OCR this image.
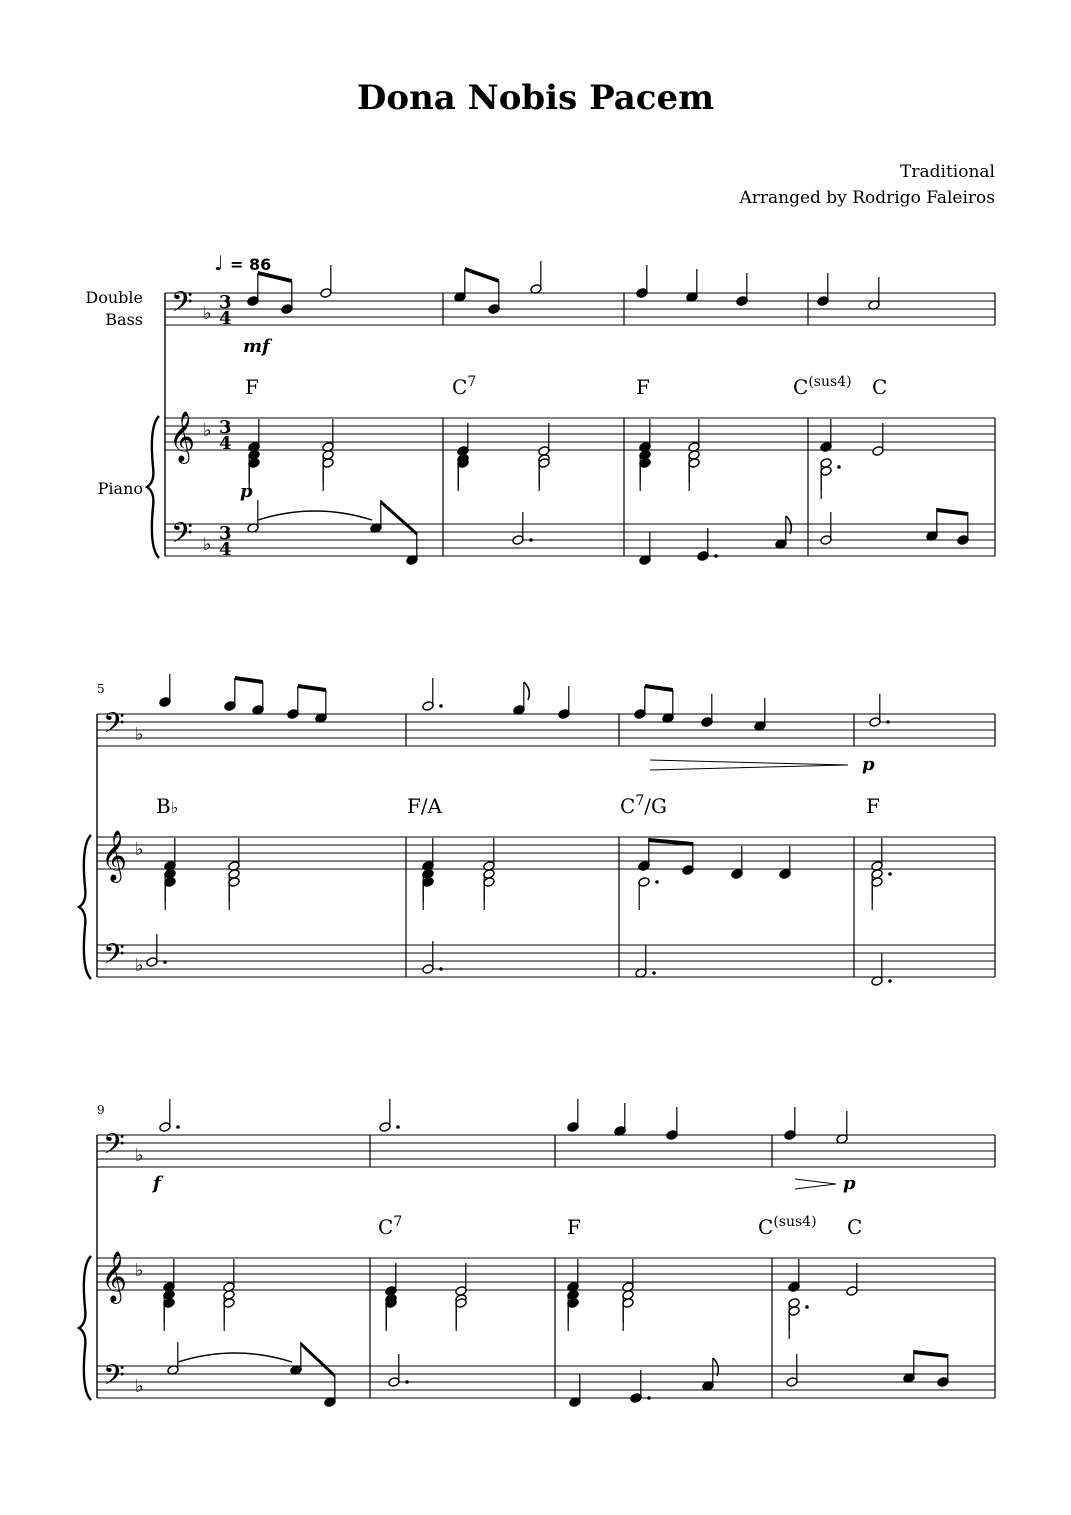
Dona Nobis Pacem
Traditional
Arranged by Rodrigo Faleiros
♩ = 86
Double
Bass
Piano
𝄢
𝄞
𝄢
♭
♭
♭
3
4
3
4
3
4
𝄢
𝄞
𝄢
♭
♭
♭
𝄢
𝄞
𝄢
♭
♭
♭
5
9
F	$C^7$	F	$C^{(sus4)}$ C
B♭	F/A	$C^7/G$	F
$C^7$	F	$C^{(sus4)}$ C
mf
p
p
f	p
